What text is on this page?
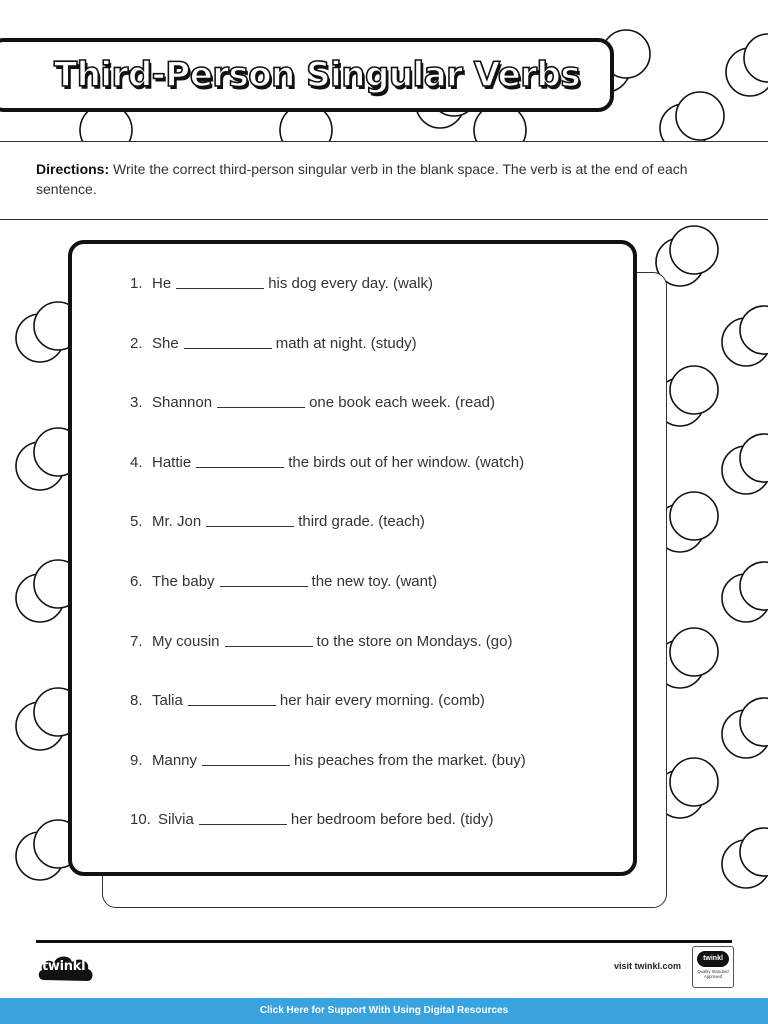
Third-Person Singular Verbs
Directions: Write the correct third-person singular verb in the blank space. The verb is at the end of each sentence.
1. He	his dog every day. (walk)
2. She	math at night. (study)
3. Shannon	one book each week. (read)
4. Hattie	the birds out of her window. (watch)
5. Mr. Jon	third grade. (teach)
6. The baby	the new toy. (want)
7. My cousin	to the store on Mondays. (go)
8. Talia	her hair every morning. (comb)
9. Manny	his peaches from the market. (buy)
10. Silvia	her bedroom before bed. (tidy)
twinkl	visit twinkl.com
twinkl
Quality Standard Approved
Click Here for Support With Using Digital Resources
